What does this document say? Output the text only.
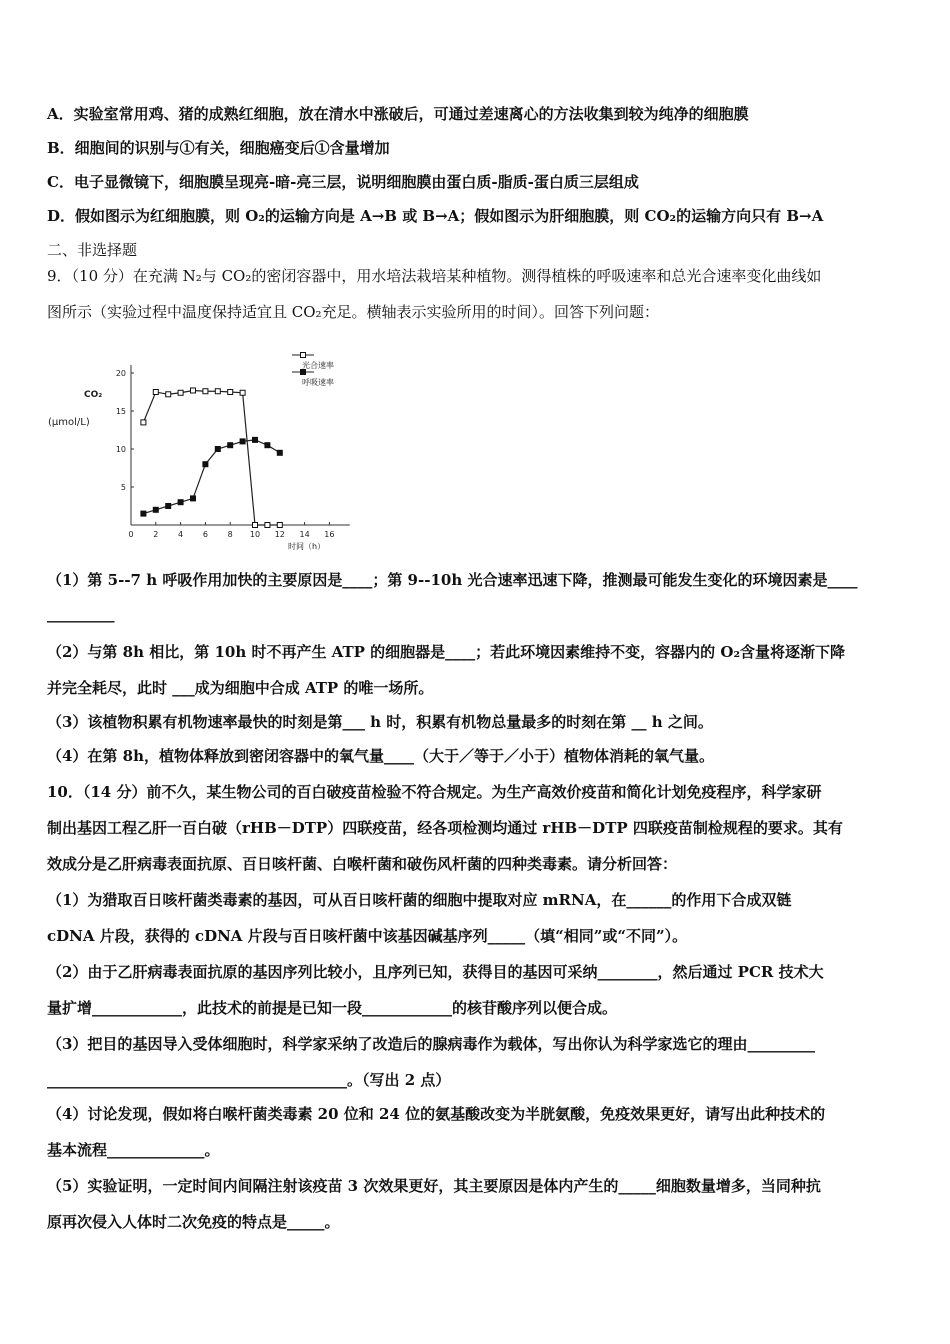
A．实验室常用鸡、猪的成熟红细胞，放在清水中涨破后，可通过差速离心的方法收集到较为纯净的细胞膜
B．细胞间的识别与①有关，细胞癌变后①含量增加
C．电子显微镜下，细胞膜呈现亮-暗-亮三层，说明细胞膜由蛋白质-脂质-蛋白质三层组成
D．假如图示为红细胞膜，则 O₂的运输方向是 A→B 或 B→A；假如图示为肝细胞膜，则 CO₂的运输方向只有 B→A
二、非选择题
9．（10 分）在充满 N₂与 CO₂的密闭容器中，用水培法栽培某种植物。测得植株的呼吸速率和总光合速率变化曲线如
图所示（实验过程中温度保持适宜且 CO₂充足。横轴表示实验所用的时间）。回答下列问题：
（1）第 5--7 h 呼吸作用加快的主要原因是____；第 9--10h 光合速率迅速下降，推测最可能发生变化的环境因素是____
_________
（2）与第 8h 相比，第 10h 时不再产生 ATP 的细胞器是____；若此环境因素维持不变，容器内的 O₂含量将逐渐下降
并完全耗尽，此时 ___成为细胞中合成 ATP 的唯一场所。
（3）该植物积累有机物速率最快的时刻是第___ h 时，积累有机物总量最多的时刻在第 __ h 之间。
（4）在第 8h，植物体释放到密闭容器中的氧气量____（大于／等于／小于）植物体消耗的氧气量。
10．（14 分）前不久，某生物公司的百白破疫苗检验不符合规定。为生产高效价疫苗和简化计划免疫程序，科学家研
制出基因工程乙肝一百白破（rHB－DTP）四联疫苗，经各项检测均通过 rHB－DTP 四联疫苗制检规程的要求。其有
效成分是乙肝病毒表面抗原、百日咳杆菌、白喉杆菌和破伤风杆菌的四种类毒素。请分析回答：
（1）为猎取百日咳杆菌类毒素的基因，可从百日咳杆菌的细胞中提取对应 mRNA，在______的作用下合成双链
cDNA 片段，获得的 cDNA 片段与百日咳杆菌中该基因碱基序列_____（填“相同”或“不同”）。
（2）由于乙肝病毒表面抗原的基因序列比较小，且序列已知，获得目的基因可采纳________，然后通过 PCR 技术大
量扩增____________，此技术的前提是已知一段____________的核苷酸序列以便合成。
（3）把目的基因导入受体细胞时，科学家采纳了改造后的腺病毒作为载体，写出你认为科学家选它的理由_________
________________________________________。（写出 2 点）
（4）讨论发现，假如将白喉杆菌类毒素 20 位和 24 位的氨基酸改变为半胱氨酸，免疫效果更好，请写出此种技术的
基本流程_____________。
（5）实验证明，一定时间内间隔注射该疫苗 3 次效果更好，其主要原因是体内产生的_____细胞数量增多，当同种抗
原再次侵入人体时二次免疫的特点是_____。
CO₂
(μmol/L)
时间（h）
0 2 4 6 8 10 12 14 16
5
10
15
20
光合速率
呼吸速率
